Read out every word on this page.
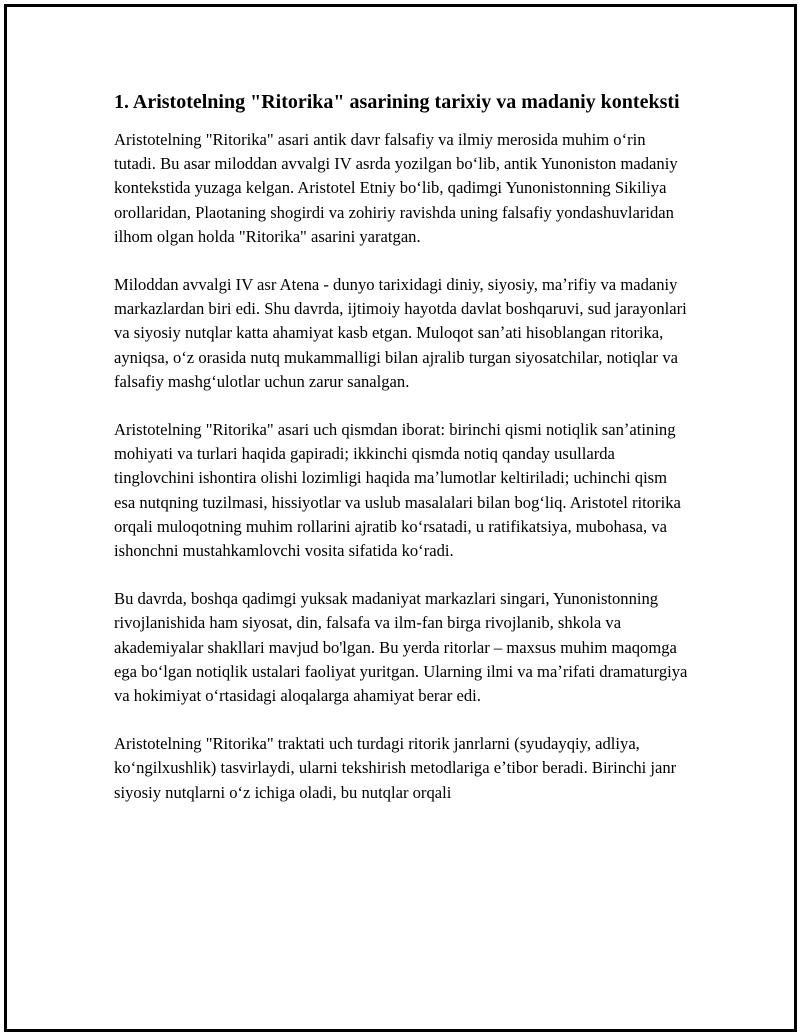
1. Aristotelning "Ritorika" asarining tarixiy va madaniy konteksti

Aristotelning "Ritorika" asari antik davr falsafiy va ilmiy merosida muhim oʻrin tutadi. Bu asar miloddan avvalgi IV asrda yozilgan boʻlib, antik Yunoniston madaniy kontekstida yuzaga kelgan. Aristotel Etniy boʻlib, qadimgi Yunonistonning Sikiliya orollaridan, Plaotaning shogirdi va zohiriy ravishda uning falsafiy yondashuvlaridan ilhom olgan holda "Ritorika" asarini yaratgan.

Miloddan avvalgi IV asr Atena - dunyo tarixidagi diniy, siyosiy, maʼrifiy va madaniy markazlardan biri edi. Shu davrda, ijtimoiy hayotda davlat boshqaruvi, sud jarayonlari va siyosiy nutqlar katta ahamiyat kasb etgan. Muloqot sanʼati hisoblangan ritorika, ayniqsa, oʻz orasida nutq mukammalligi bilan ajralib turgan siyosatchilar, notiqlar va falsafiy mashgʻulotlar uchun zarur sanalgan.

Aristotelning "Ritorika" asari uch qismdan iborat: birinchi qismi notiqlik sanʼatining mohiyati va turlari haqida gapiradi; ikkinchi qismda notiq qanday usullarda tinglovchini ishontira olishi lozimligi haqida maʼlumotlar keltiriladi; uchinchi qism esa nutqning tuzilmasi, hissiyotlar va uslub masalalari bilan bogʻliq. Aristotel ritorika orqali muloqotning muhim rollarini ajratib koʻrsatadi, u ratifikatsiya, mubohasa, va ishonchni mustahkamlovchi vosita sifatida koʻradi.

Bu davrda, boshqa qadimgi yuksak madaniyat markazlari singari, Yunonistonning rivojlanishida ham siyosat, din, falsafa va ilm-fan birga rivojlanib, shkola va akademiyalar shakllari mavjud bo'lgan. Bu yerda ritorlar – maxsus muhim maqomga ega boʻlgan notiqlik ustalari faoliyat yuritgan. Ularning ilmi va maʼrifati dramaturgiya va hokimiyat oʻrtasidagi aloqalarga ahamiyat berar edi.

Aristotelning "Ritorika" traktati uch turdagi ritorik janrlarni (syudayqiy, adliya, koʻngilxushlik) tasvirlaydi, ularni tekshirish metodlariga eʼtibor beradi. Birinchi janr siyosiy nutqlarni oʻz ichiga oladi, bu nutqlar orqali
